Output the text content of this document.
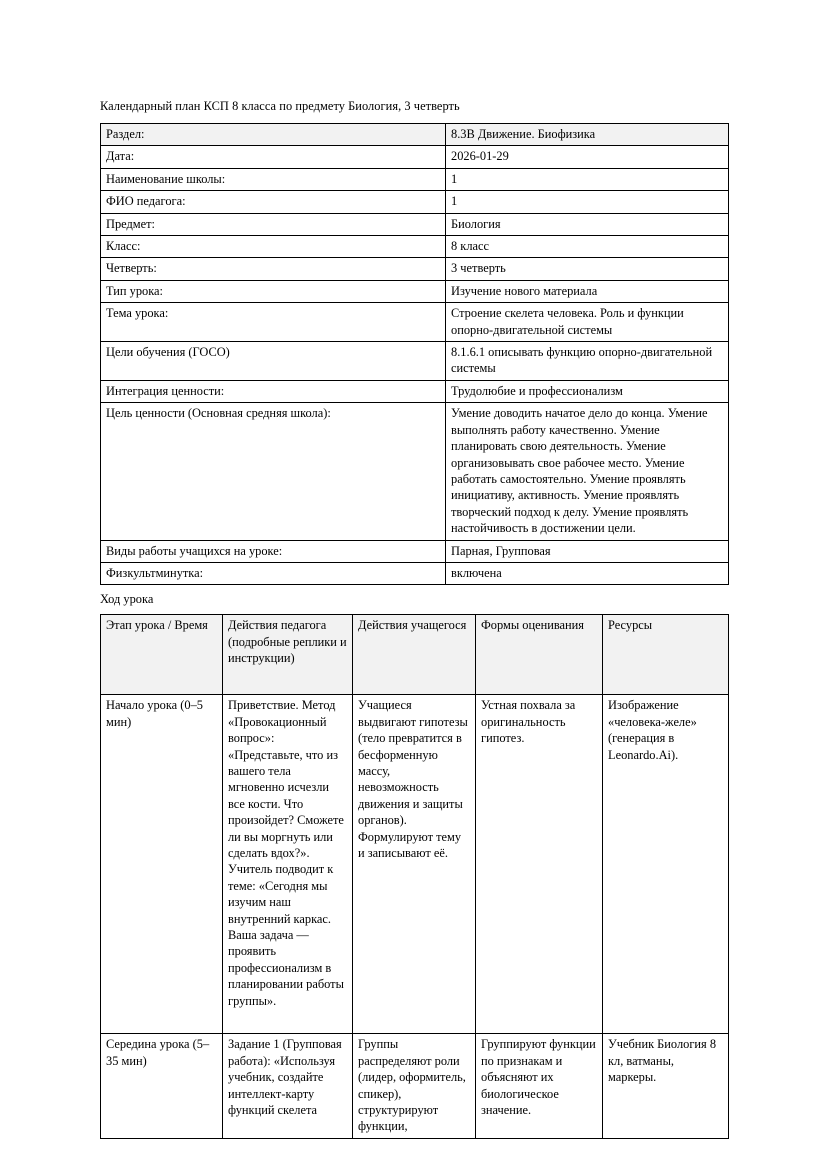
Календарный план КСП 8 класса по предмету Биология, 3 четверть

Раздел:	8.3В Движение. Биофизика
Дата:	2026-01-29
Наименование школы:	1
ФИО педагога:	1
Предмет:	Биология
Класс:	8 класс
Четверть:	3 четверть
Тип урока:	Изучение нового материала
Тема урока:	Строение скелета человека. Роль и функции опорно-двигательной системы
Цели обучения (ГОСО)	8.1.6.1 описывать функцию опорно-двигательной системы
Интеграция ценности:	Трудолюбие и профессионализм
Цель ценности (Основная средняя школа):	Умение доводить начатое дело до конца. Умение выполнять работу качественно. Умение планировать свою деятельность. Умение организовывать свое рабочее место. Умение работать самостоятельно. Умение проявлять инициативу, активность. Умение проявлять творческий подход к делу. Умение проявлять настойчивость в достижении цели.
Виды работы учащихся на уроке:	Парная, Групповая
Физкультминутка:	включена

Ход урока

Этап урока / Время	Действия педагога (подробные реплики и инструкции)	Действия учащегося	Формы оценивания	Ресурсы
Начало урока (0–5 мин)	Приветствие. Метод «Провокационный вопрос»: «Представьте, что из вашего тела мгновенно исчезли все кости. Что произойдет? Сможете ли вы моргнуть или сделать вдох?». Учитель подводит к теме: «Сегодня мы изучим наш внутренний каркас. Ваша задача — проявить профессионализм в планировании работы группы».	Учащиеся выдвигают гипотезы (тело превратится в бесформенную массу, невозможность движения и защиты органов). Формулируют тему и записывают её.	Устная похвала за оригинальность гипотез.	Изображение «человека-желе» (генерация в Leonardo.Ai).
Середина урока (5–35 мин)	Задание 1 (Групповая работа): «Используя учебник, создайте интеллект-карту функций скелета	Группы распределяют роли (лидер, оформитель, спикер), структурируют функции,	Группируют функции по признакам и объясняют их биологическое значение.	Учебник Биология 8 кл, ватманы, маркеры.
